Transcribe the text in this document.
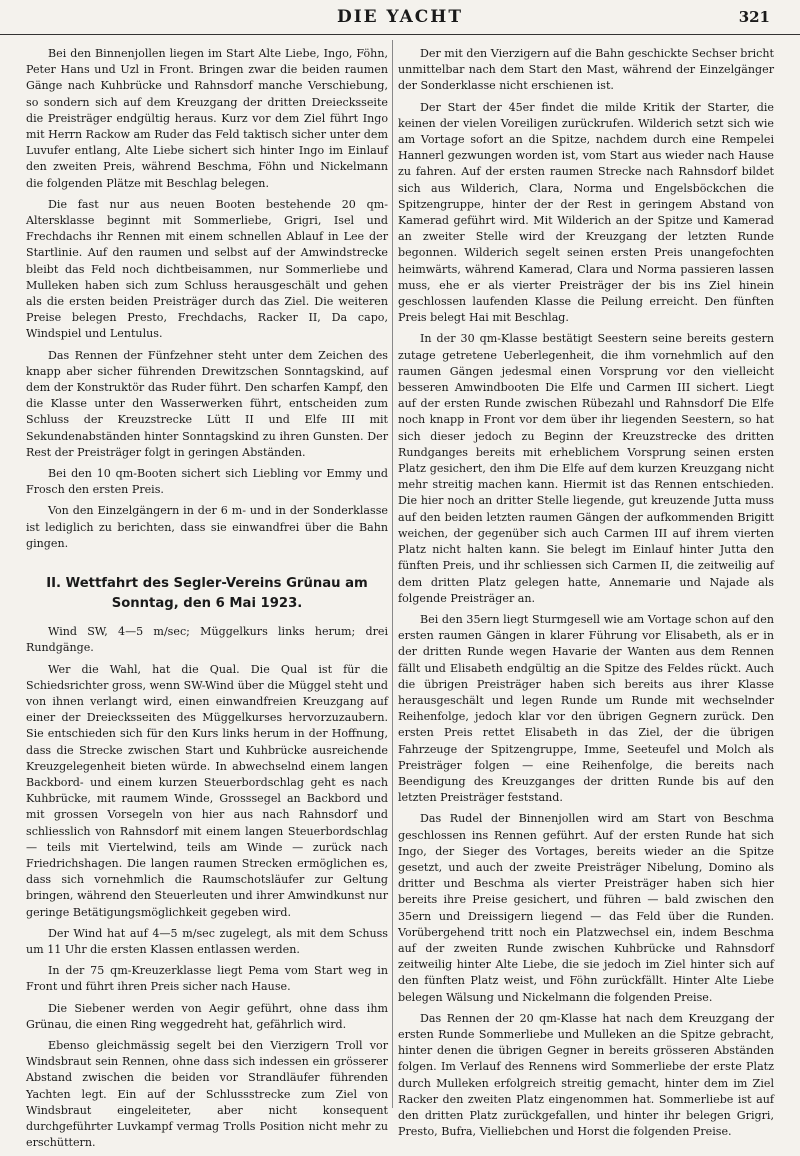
DIE YACHT	321

Bei den Binnenjollen liegen im Start Alte Liebe, Ingo, Föhn, Peter Hans und Uzl in Front. Bringen zwar die beiden raumen Gänge nach Kuhbrücke und Rahnsdorf manche Verschiebung, so sondern sich auf dem Kreuzgang der dritten Dreiecksseite die Preisträger endgültig heraus. Kurz vor dem Ziel führt Ingo mit Herrn Rackow am Ruder das Feld taktisch sicher unter dem Luvufer entlang, Alte Liebe sichert sich hinter Ingo im Einlauf den zweiten Preis, während Beschma, Föhn und Nickelmann die folgenden Plätze mit Beschlag belegen.

Die fast nur aus neuen Booten bestehende 20 qm-Altersklasse beginnt mit Sommerliebe, Grigri, Isel und Frechdachs ihr Rennen mit einem schnellen Ablauf in Lee der Startlinie. Auf den raumen und selbst auf der Amwindstrecke bleibt das Feld noch dichtbeisammen, nur Sommerliebe und Mulleken haben sich zum Schluss herausgeschält und gehen als die ersten beiden Preisträger durch das Ziel. Die weiteren Preise belegen Presto, Frechdachs, Racker II, Da capo, Windspiel und Lentulus.

Das Rennen der Fünfzehner steht unter dem Zeichen des knapp aber sicher führenden Drewitzschen Sonntagskind, auf dem der Konstruktör das Ruder führt. Den scharfen Kampf, den die Klasse unter den Wasserwerken führt, entscheiden zum Schluss der Kreuzstrecke Lütt II und Elfe III mit Sekundenabständen hinter Sonntagskind zu ihren Gunsten. Der Rest der Preisträger folgt in geringen Abständen.

Bei den 10 qm-Booten sichert sich Liebling vor Emmy und Frosch den ersten Preis.

Von den Einzelgängern in der 6 m- und in der Sonderklasse ist lediglich zu berichten, dass sie einwandfrei über die Bahn gingen.

II. Wettfahrt des Segler-Vereins Grünau am Sonntag, den 6 Mai 1923.

Wind SW, 4—5 m/sec; Müggelkurs links herum; drei Rundgänge.

Wer die Wahl, hat die Qual. Die Qual ist für die Schiedsrichter gross, wenn SW-Wind über die Müggel steht und von ihnen verlangt wird, einen einwandfreien Kreuzgang auf einer der Dreiecksseiten des Müggelkurses hervorzuzaubern. Sie entschieden sich für den Kurs links herum in der Hoffnung, dass die Strecke zwischen Start und Kuhbrücke ausreichende Kreuzgelegenheit bieten würde. In abwechselnd einem langen Backbord- und einem kurzen Steuerbordschlag geht es nach Kuhbrücke, mit raumem Winde, Grosssegel an Backbord und mit grossen Vorsegeln von hier aus nach Rahnsdorf und schliesslich von Rahnsdorf mit einem langen Steuerbordschlag — teils mit Viertelwind, teils am Winde — zurück nach Friedrichshagen. Die langen raumen Strecken ermöglichen es, dass sich vornehmlich die Raumschotsläufer zur Geltung bringen, während den Steuerleuten und ihrer Amwindkunst nur geringe Betätigungsmöglichkeit gegeben wird.

Der Wind hat auf 4—5 m/sec zugelegt, als mit dem Schuss um 11 Uhr die ersten Klassen entlassen werden.

In der 75 qm-Kreuzerklasse liegt Pema vom Start weg in Front und führt ihren Preis sicher nach Hause.

Die Siebener werden von Aegir geführt, ohne dass ihm Grünau, die einen Ring weggedreht hat, gefährlich wird.

Ebenso gleichmässig segelt bei den Vierzigern Troll vor Windsbraut sein Rennen, ohne dass sich indessen ein grösserer Abstand zwischen die beiden vor Strandläufer führenden Yachten legt. Ein auf der Schlussstrecke zum Ziel von Windsbraut eingeleiteter, aber nicht konsequent durchgeführter Luvkampf vermag Trolls Position nicht mehr zu erschüttern.

Der mit den Vierzigern auf die Bahn geschickte Sechser bricht unmittelbar nach dem Start den Mast, während der Einzelgänger der Sonderklasse nicht erschienen ist.

Der Start der 45er findet die milde Kritik der Starter, die keinen der vielen Voreiligen zurückrufen. Wilderich setzt sich wie am Vortage sofort an die Spitze, nachdem durch eine Rempelei Hannerl gezwungen worden ist, vom Start aus wieder nach Hause zu fahren. Auf der ersten raumen Strecke nach Rahnsdorf bildet sich aus Wilderich, Clara, Norma und Engelsböckchen die Spitzengruppe, hinter der der Rest in geringem Abstand von Kamerad geführt wird. Mit Wilderich an der Spitze und Kamerad an zweiter Stelle wird der Kreuzgang der letzten Runde begonnen. Wilderich segelt seinen ersten Preis unangefochten heimwärts, während Kamerad, Clara und Norma passieren lassen muss, ehe er als vierter Preisträger der bis ins Ziel hinein geschlossen laufenden Klasse die Peilung erreicht. Den fünften Preis belegt Hai mit Beschlag.

In der 30 qm-Klasse bestätigt Seestern seine bereits gestern zutage getretene Ueberlegenheit, die ihm vornehmlich auf den raumen Gängen jedesmal einen Vorsprung vor den vielleicht besseren Amwindbooten Die Elfe und Carmen III sichert. Liegt auf der ersten Runde zwischen Rübezahl und Rahnsdorf Die Elfe noch knapp in Front vor dem über ihr liegenden Seestern, so hat sich dieser jedoch zu Beginn der Kreuzstrecke des dritten Rundganges bereits mit erheblichem Vorsprung seinen ersten Platz gesichert, den ihm Die Elfe auf dem kurzen Kreuzgang nicht mehr streitig machen kann. Hiermit ist das Rennen entschieden. Die hier noch an dritter Stelle liegende, gut kreuzende Jutta muss auf den beiden letzten raumen Gängen der aufkommenden Brigitt weichen, der gegenüber sich auch Carmen III auf ihrem vierten Platz nicht halten kann. Sie belegt im Einlauf hinter Jutta den fünften Preis, und ihr schliessen sich Carmen II, die zeitweilig auf dem dritten Platz gelegen hatte, Annemarie und Najade als folgende Preisträger an.

Bei den 35ern liegt Sturmgesell wie am Vortage schon auf den ersten raumen Gängen in klarer Führung vor Elisabeth, als er in der dritten Runde wegen Havarie der Wanten aus dem Rennen fällt und Elisabeth endgültig an die Spitze des Feldes rückt. Auch die übrigen Preisträger haben sich bereits aus ihrer Klasse herausgeschält und legen Runde um Runde mit wechselnder Reihenfolge, jedoch klar vor den übrigen Gegnern zurück. Den ersten Preis rettet Elisabeth in das Ziel, der die übrigen Fahrzeuge der Spitzengruppe, Imme, Seeteufel und Molch als Preisträger folgen — eine Reihenfolge, die bereits nach Beendigung des Kreuzganges der dritten Runde bis auf den letzten Preisträger feststand.

Das Rudel der Binnenjollen wird am Start von Beschma geschlossen ins Rennen geführt. Auf der ersten Runde hat sich Ingo, der Sieger des Vortages, bereits wieder an die Spitze gesetzt, und auch der zweite Preisträger Nibelung, Domino als dritter und Beschma als vierter Preisträger haben sich hier bereits ihre Preise gesichert, und führen — bald zwischen den 35ern und Dreissigern liegend — das Feld über die Runden. Vorübergehend tritt noch ein Platzwechsel ein, indem Beschma auf der zweiten Runde zwischen Kuhbrücke und Rahnsdorf zeitweilig hinter Alte Liebe, die sie jedoch im Ziel hinter sich auf den fünften Platz weist, und Föhn zurückfällt. Hinter Alte Liebe belegen Wälsung und Nickelmann die folgenden Preise.

Das Rennen der 20 qm-Klasse hat nach dem Kreuzgang der ersten Runde Sommerliebe und Mulleken an die Spitze gebracht, hinter denen die übrigen Gegner in bereits grösseren Abständen folgen. Im Verlauf des Rennens wird Sommerliebe der erste Platz durch Mulleken erfolgreich streitig gemacht, hinter dem im Ziel Racker den zweiten Platz eingenommen hat. Sommerliebe ist auf den dritten Platz zurückgefallen, und hinter ihr belegen Grigri, Presto, Bufra, Vielliebchen und Horst die folgenden Preise.
